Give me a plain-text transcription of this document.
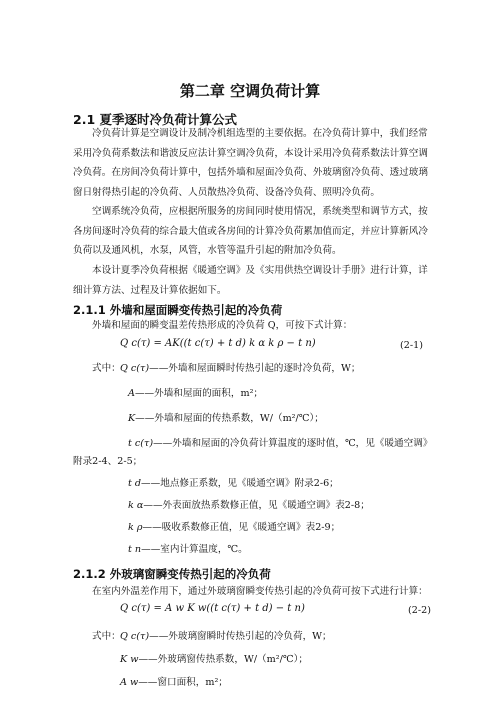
第二章 空调负荷计算
2.1 夏季逐时冷负荷计算公式
冷负荷计算是空调设计及制冷机组选型的主要依据。在冷负荷计算中，我们经常
采用冷负荷系数法和谐波反应法计算空调冷负荷，本设计采用冷负荷系数法计算空调
冷负荷。在房间冷负荷计算中，包括外墙和屋面冷负荷、外玻璃窗冷负荷、透过玻璃
窗日射得热引起的冷负荷、人员散热冷负荷、设备冷负荷、照明冷负荷。
空调系统冷负荷，应根据所服务的房间同时使用情况，系统类型和调节方式，按
各房间逐时冷负荷的综合最大值或各房间的计算冷负荷累加值而定，并应计算新风冷
负荷以及通风机，水泵，风管，水管等温升引起的附加冷负荷。
本设计夏季冷负荷根据《暖通空调》及《实用供热空调设计手册》进行计算，详
细计算方法、过程及计算依据如下。
2.1.1 外墙和屋面瞬变传热引起的冷负荷
外墙和屋面的瞬变温差传热形成的冷负荷 Q，可按下式计算：
Q c(τ) = AK((t c(τ) + t d) k α k ρ − t n)	(2-1)
式中： Q c(τ)——外墙和屋面瞬时传热引起的逐时冷负荷，W；
A——外墙和屋面的面积，m²；
K——外墙和屋面的传热系数，W/（m²/℃）；
t c(τ)——外墙和屋面的冷负荷计算温度的逐时值，℃，见《暖通空调》
附录2-4、2-5；
t d——地点修正系数，见《暖通空调》附录2-6；
k α——外表面放热系数修正值，见《暖通空调》表2-8；
k ρ——吸收系数修正值，见《暖通空调》表2-9；
t n——室内计算温度，℃。
2.1.2 外玻璃窗瞬变传热引起的冷负荷
在室内外温差作用下，通过外玻璃窗瞬变传热引起的冷负荷可按下式进行计算：
Q c(τ) = A w K w((t c(τ) + t d) − t n)	(2-2)
式中： Q c(τ)——外玻璃窗瞬时传热引起的冷负荷，W；
K w——外玻璃窗传热系数，W/（m²/℃）；
A w——窗口面积，m²；
